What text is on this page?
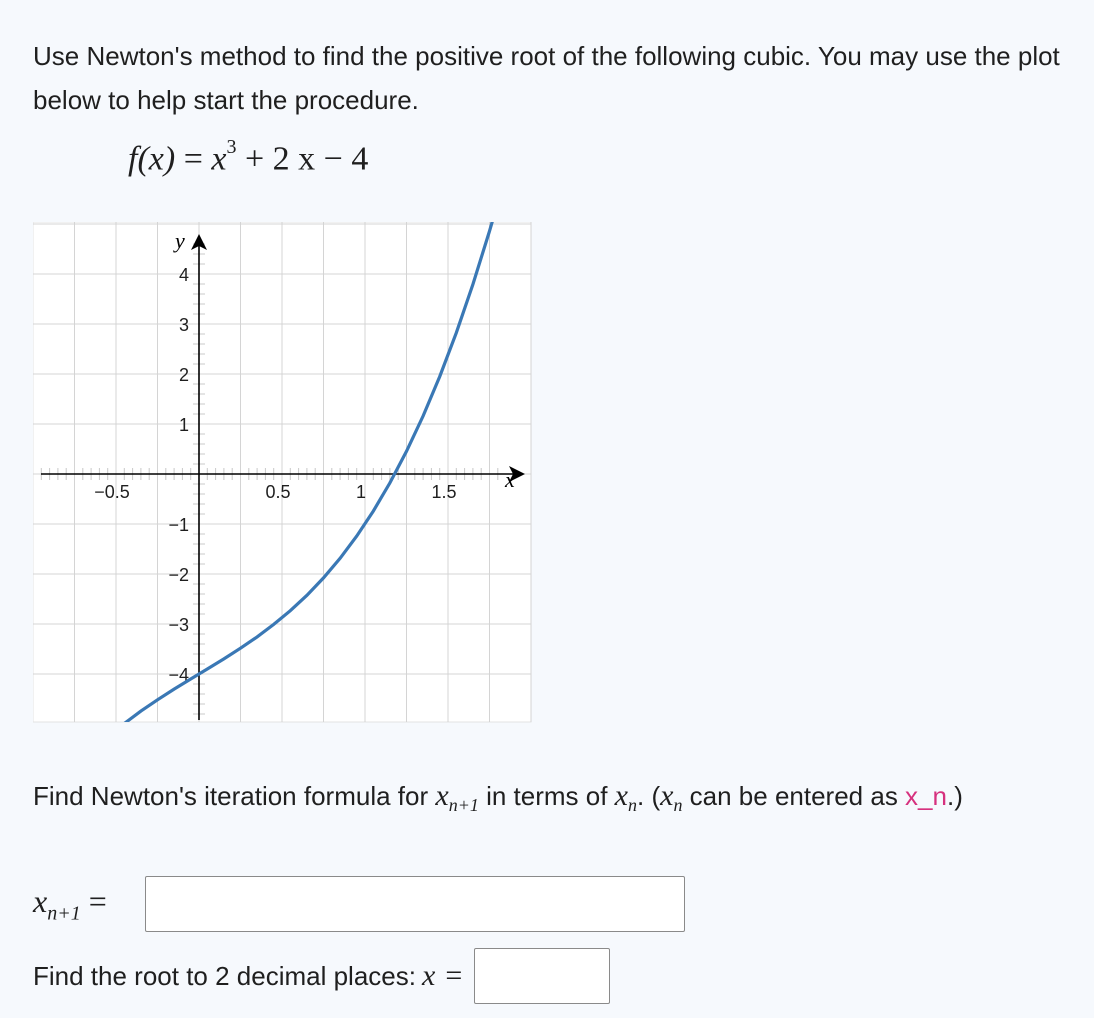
Use Newton's method to find the positive root of the following cubic. You may use the plot below to help start the procedure.

$f(x) = x^3 + 2$ x − 4
−0.5	0.5	1	1.5
4
3
2
1
−1
−2
−3
−4
x
y

Find Newton's iteration formula for $x_{n+1}$ in terms of $x_n$. ($x_n$ can be entered as x_n.)

$x_{n+1}$ =
Find the root to 2 decimal places: x =
